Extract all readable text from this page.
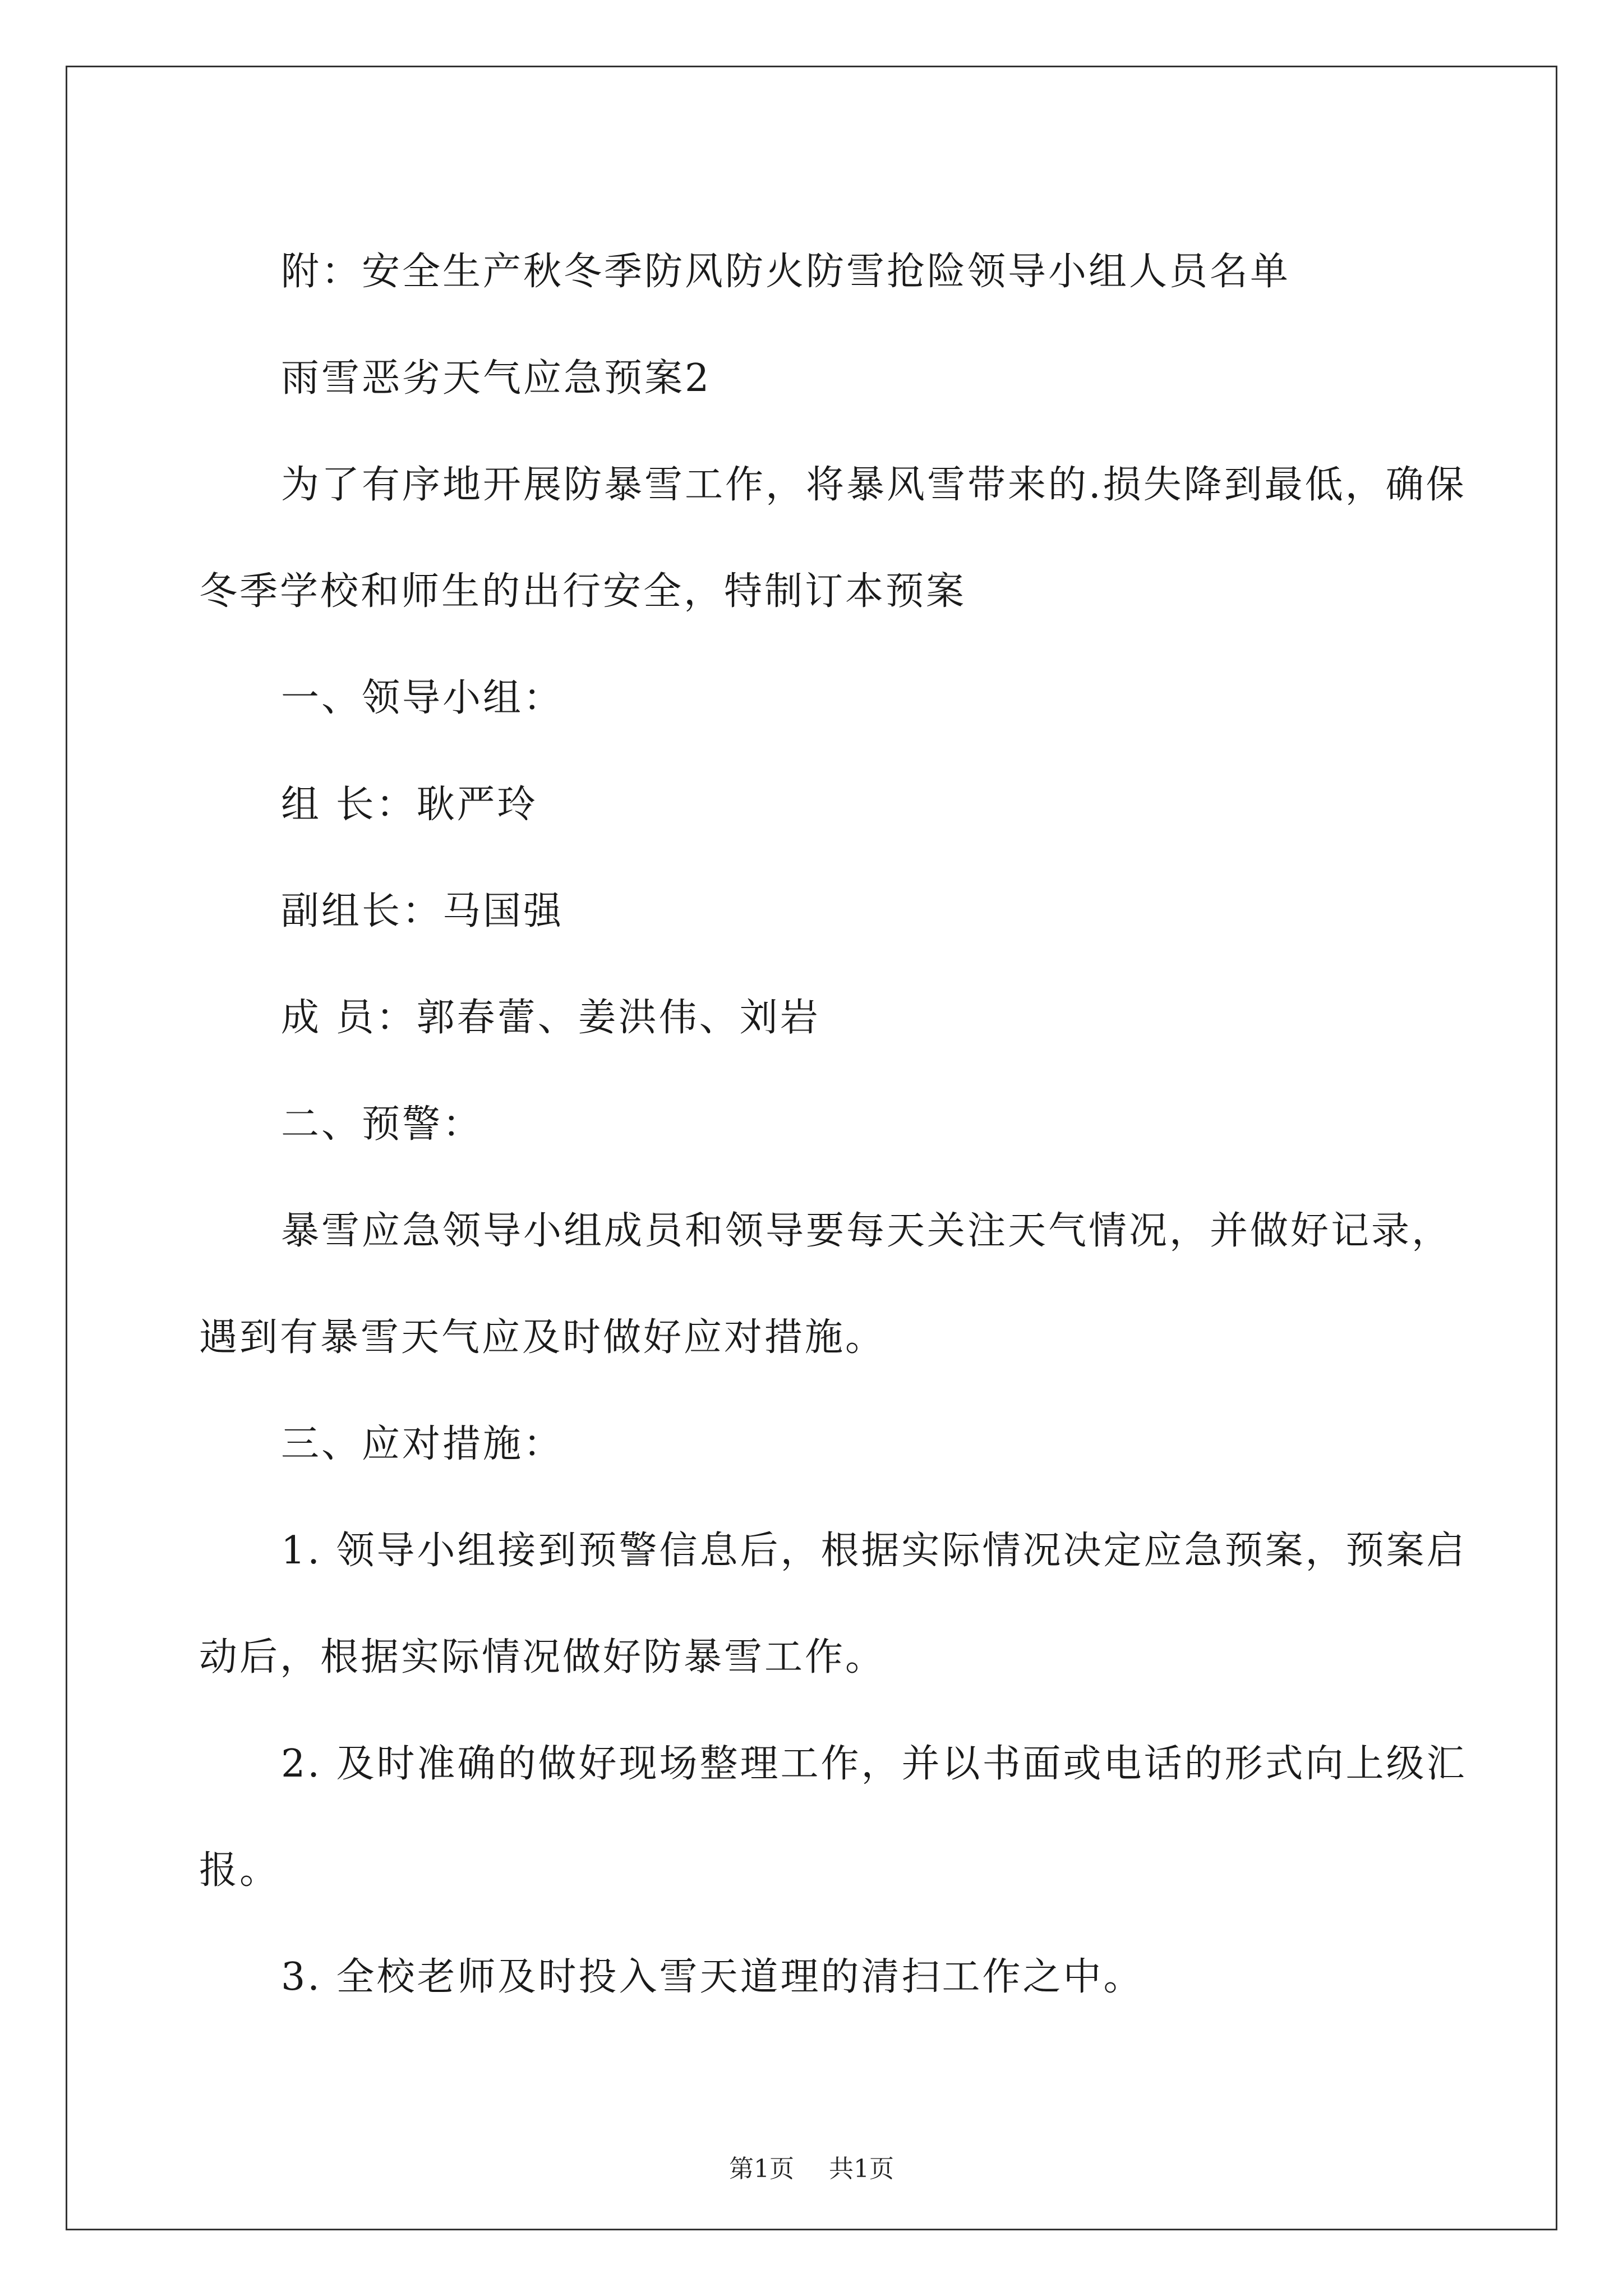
附：安全生产秋冬季防风防火防雪抢险领导小组人员名单

雨雪恶劣天气应急预案2

为了有序地开展防暴雪工作，将暴风雪带来的.损失降到最低，确保冬季学校和师生的出行安全，特制订本预案

一、领导小组：

组 长：耿严玲

副组长：马国强

成 员：郭春蕾、姜洪伟、刘岩

二、预警：

暴雪应急领导小组成员和领导要每天关注天气情况，并做好记录，遇到有暴雪天气应及时做好应对措施。

三、应对措施：

1. 领导小组接到预警信息后，根据实际情况决定应急预案，预案启动后，根据实际情况做好防暴雪工作。

2. 及时准确的做好现场整理工作，并以书面或电话的形式向上级汇报。

3. 全校老师及时投入雪天道理的清扫工作之中。

第1页 共1页
